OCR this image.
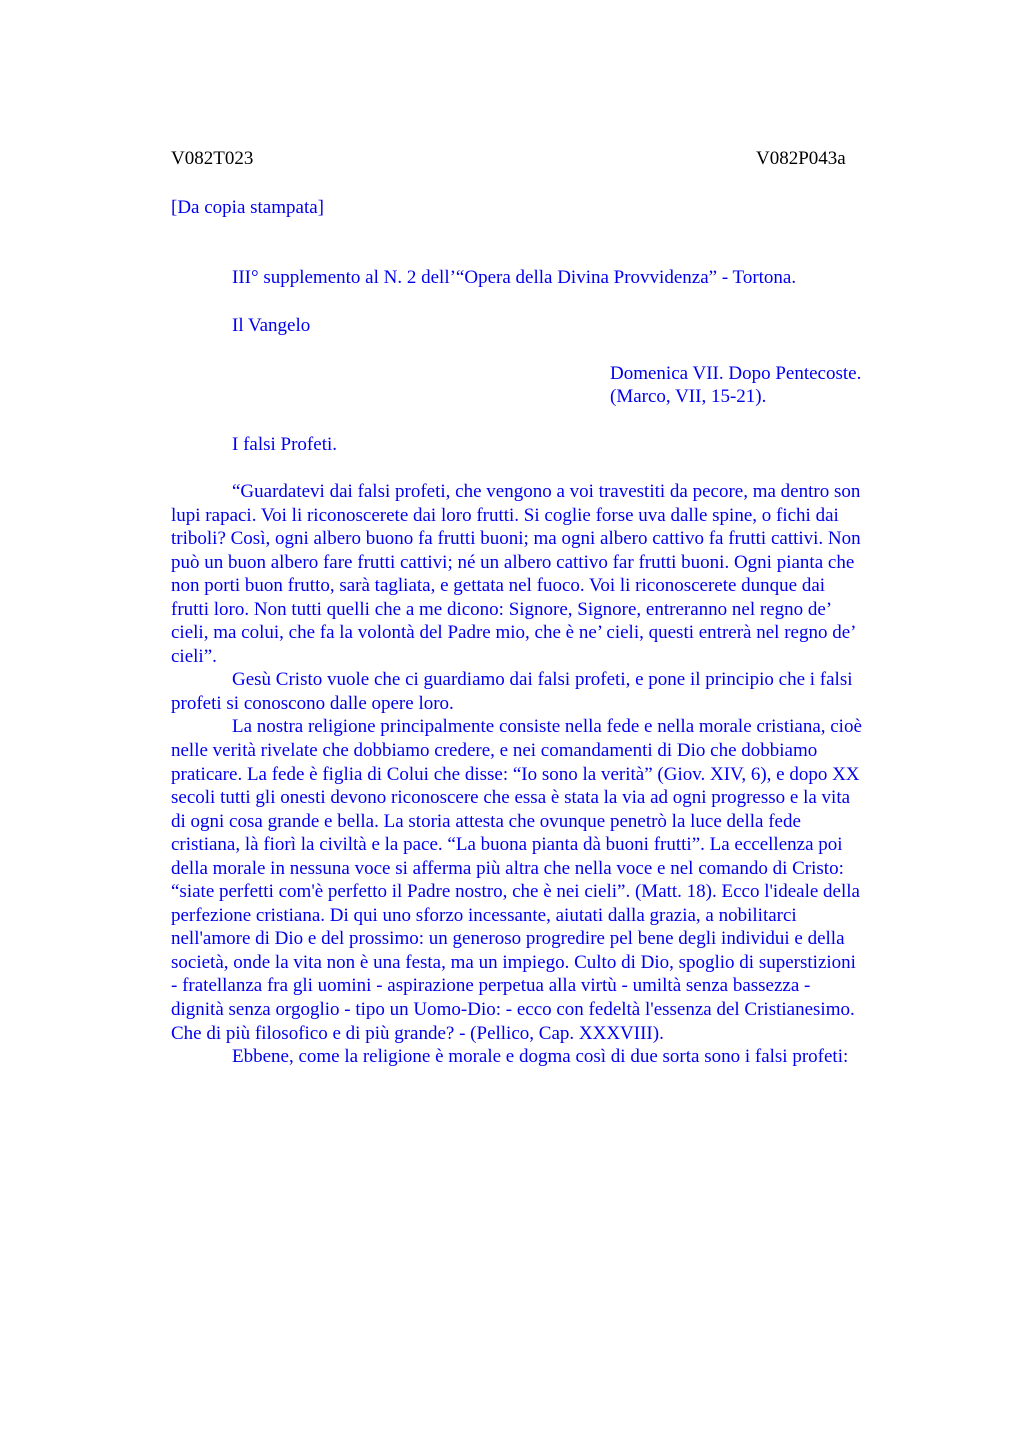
V082T023	V082P043a
[Da copia stampata]
III° supplemento al N. 2 dell’“Opera della Divina Provvidenza” - Tortona.
Il Vangelo
Domenica VII. Dopo Pentecoste.
(Marco, VII, 15-21).
I falsi Profeti.
“Guardatevi dai falsi profeti, che vengono a voi travestiti da pecore, ma dentro son
lupi rapaci. Voi li riconoscerete dai loro frutti. Si coglie forse uva dalle spine, o fichi dai
triboli? Così, ogni albero buono fa frutti buoni; ma ogni albero cattivo fa frutti cattivi. Non
può un buon albero fare frutti cattivi; né un albero cattivo far frutti buoni. Ogni pianta che
non porti buon frutto, sarà tagliata, e gettata nel fuoco. Voi li riconoscerete dunque dai
frutti loro. Non tutti quelli che a me dicono: Signore, Signore, entreranno nel regno de’
cieli, ma colui, che fa la volontà del Padre mio, che è ne’ cieli, questi entrerà nel regno de’
cieli”.
Gesù Cristo vuole che ci guardiamo dai falsi profeti, e pone il principio che i falsi
profeti si conoscono dalle opere loro.
La nostra religione principalmente consiste nella fede e nella morale cristiana, cioè
nelle verità rivelate che dobbiamo credere, e nei comandamenti di Dio che dobbiamo
praticare. La fede è figlia di Colui che disse: “Io sono la verità” (Giov. XIV, 6), e dopo XX
secoli tutti gli onesti devono riconoscere che essa è stata la via ad ogni progresso e la vita
di ogni cosa grande e bella. La storia attesta che ovunque penetrò la luce della fede
cristiana, là fiorì la civiltà e la pace. “La buona pianta dà buoni frutti”. La eccellenza poi
della morale in nessuna voce si afferma più altra che nella voce e nel comando di Cristo:
“siate perfetti com'è perfetto il Padre nostro, che è nei cieli”. (Matt. 18). Ecco l'ideale della
perfezione cristiana. Di qui uno sforzo incessante, aiutati dalla grazia, a nobilitarci
nell'amore di Dio e del prossimo: un generoso progredire pel bene degli individui e della
società, onde la vita non è una festa, ma un impiego. Culto di Dio, spoglio di superstizioni
- fratellanza fra gli uomini - aspirazione perpetua alla virtù - umiltà senza bassezza -
dignità senza orgoglio - tipo un Uomo-Dio: - ecco con fedeltà l'essenza del Cristianesimo.
Che di più filosofico e di più grande? - (Pellico, Cap. XXXVIII).
Ebbene, come la religione è morale e dogma così di due sorta sono i falsi profeti:
